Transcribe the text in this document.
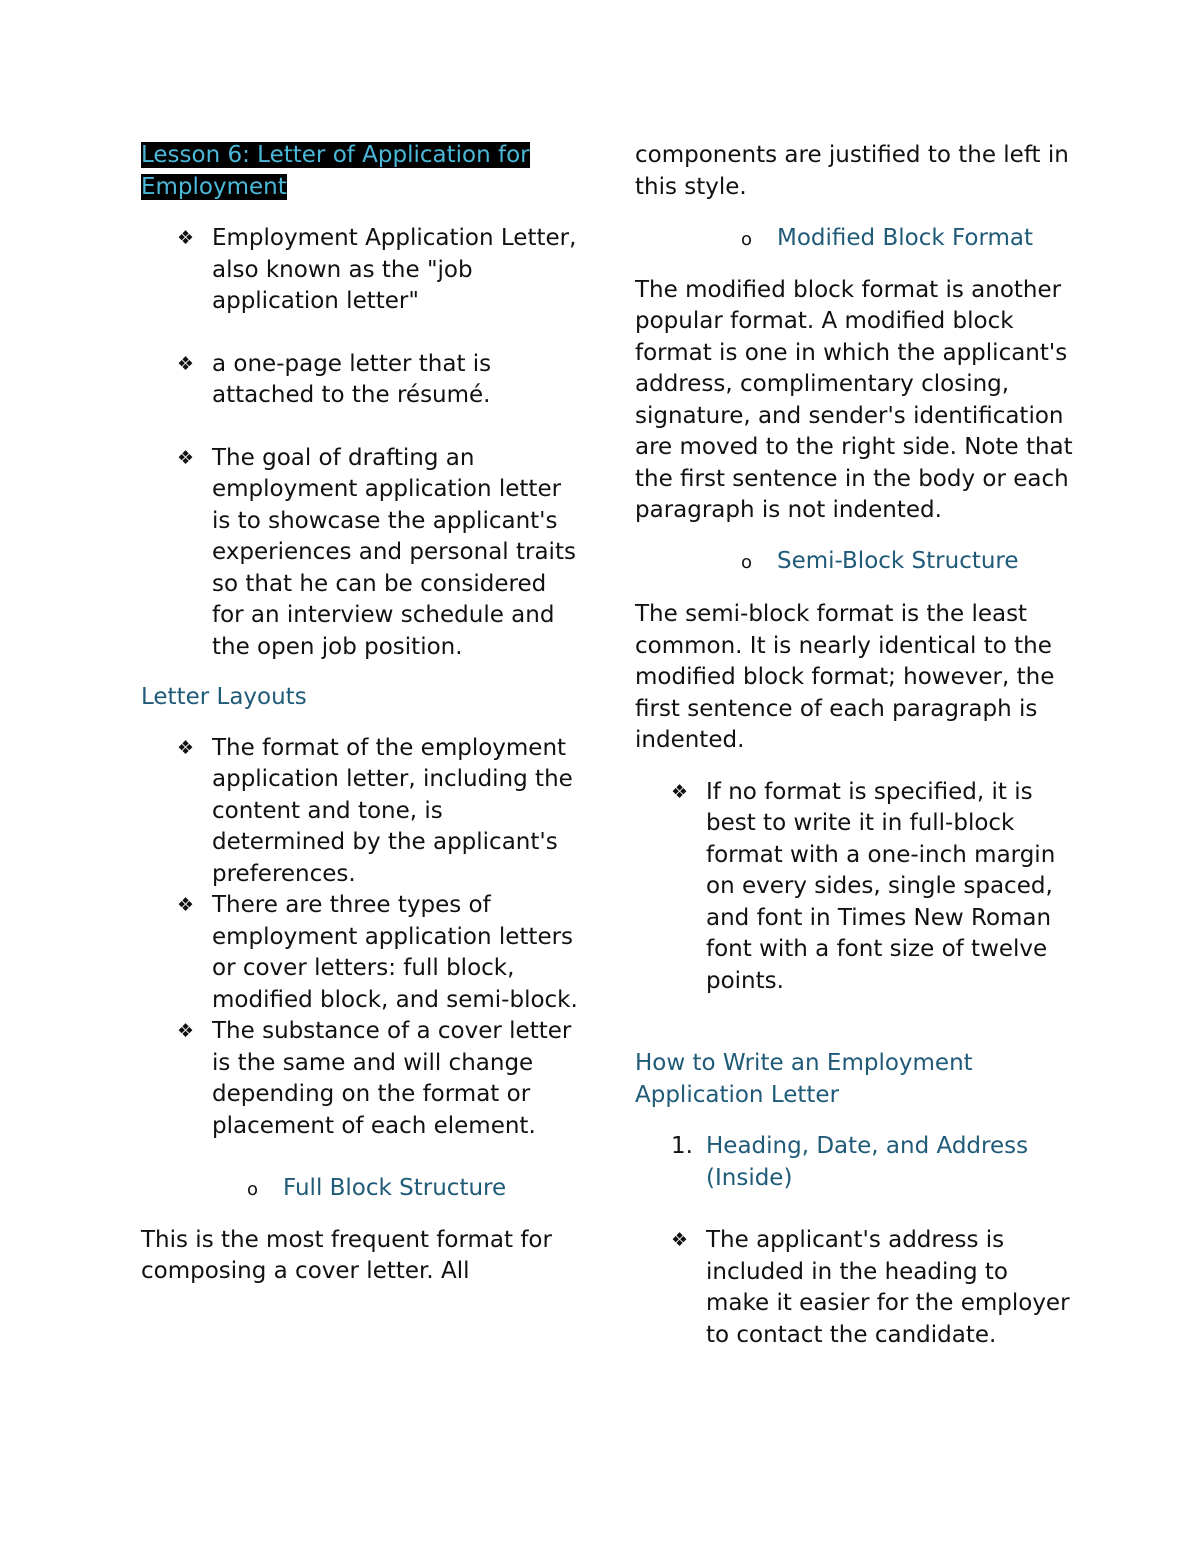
Lesson 6: Letter of Application for Employment
❖ Employment Application Letter, also known as the "job application letter"
❖ a one-page letter that is attached to the résumé.
❖ The goal of drafting an employment application letter is to showcase the applicant's experiences and personal traits so that he can be considered for an interview schedule and the open job position.
Letter Layouts
❖ The format of the employment application letter, including the content and tone, is determined by the applicant's preferences.
❖ There are three types of employment application letters or cover letters: full block, modified block, and semi-block.
❖ The substance of a cover letter is the same and will change depending on the format or placement of each element.
o Full Block Structure

This is the most frequent format for composing a cover letter. All

components are justified to the left in this style.

o Modified Block Format

The modified block format is another popular format. A modified block format is one in which the applicant's address, complimentary closing, signature, and sender's identification are moved to the right side. Note that the first sentence in the body or each paragraph is not indented.

o Semi-Block Structure

The semi-block format is the least common. It is nearly identical to the modified block format; however, the first sentence of each paragraph is indented.

❖ If no format is specified, it is best to write it in full-block format with a one-inch margin on every sides, single spaced, and font in Times New Roman font with a font size of twelve points.
How to Write an Employment Application Letter
1. Heading, Date, and Address (Inside)
❖ The applicant's address is included in the heading to make it easier for the employer to contact the candidate.
